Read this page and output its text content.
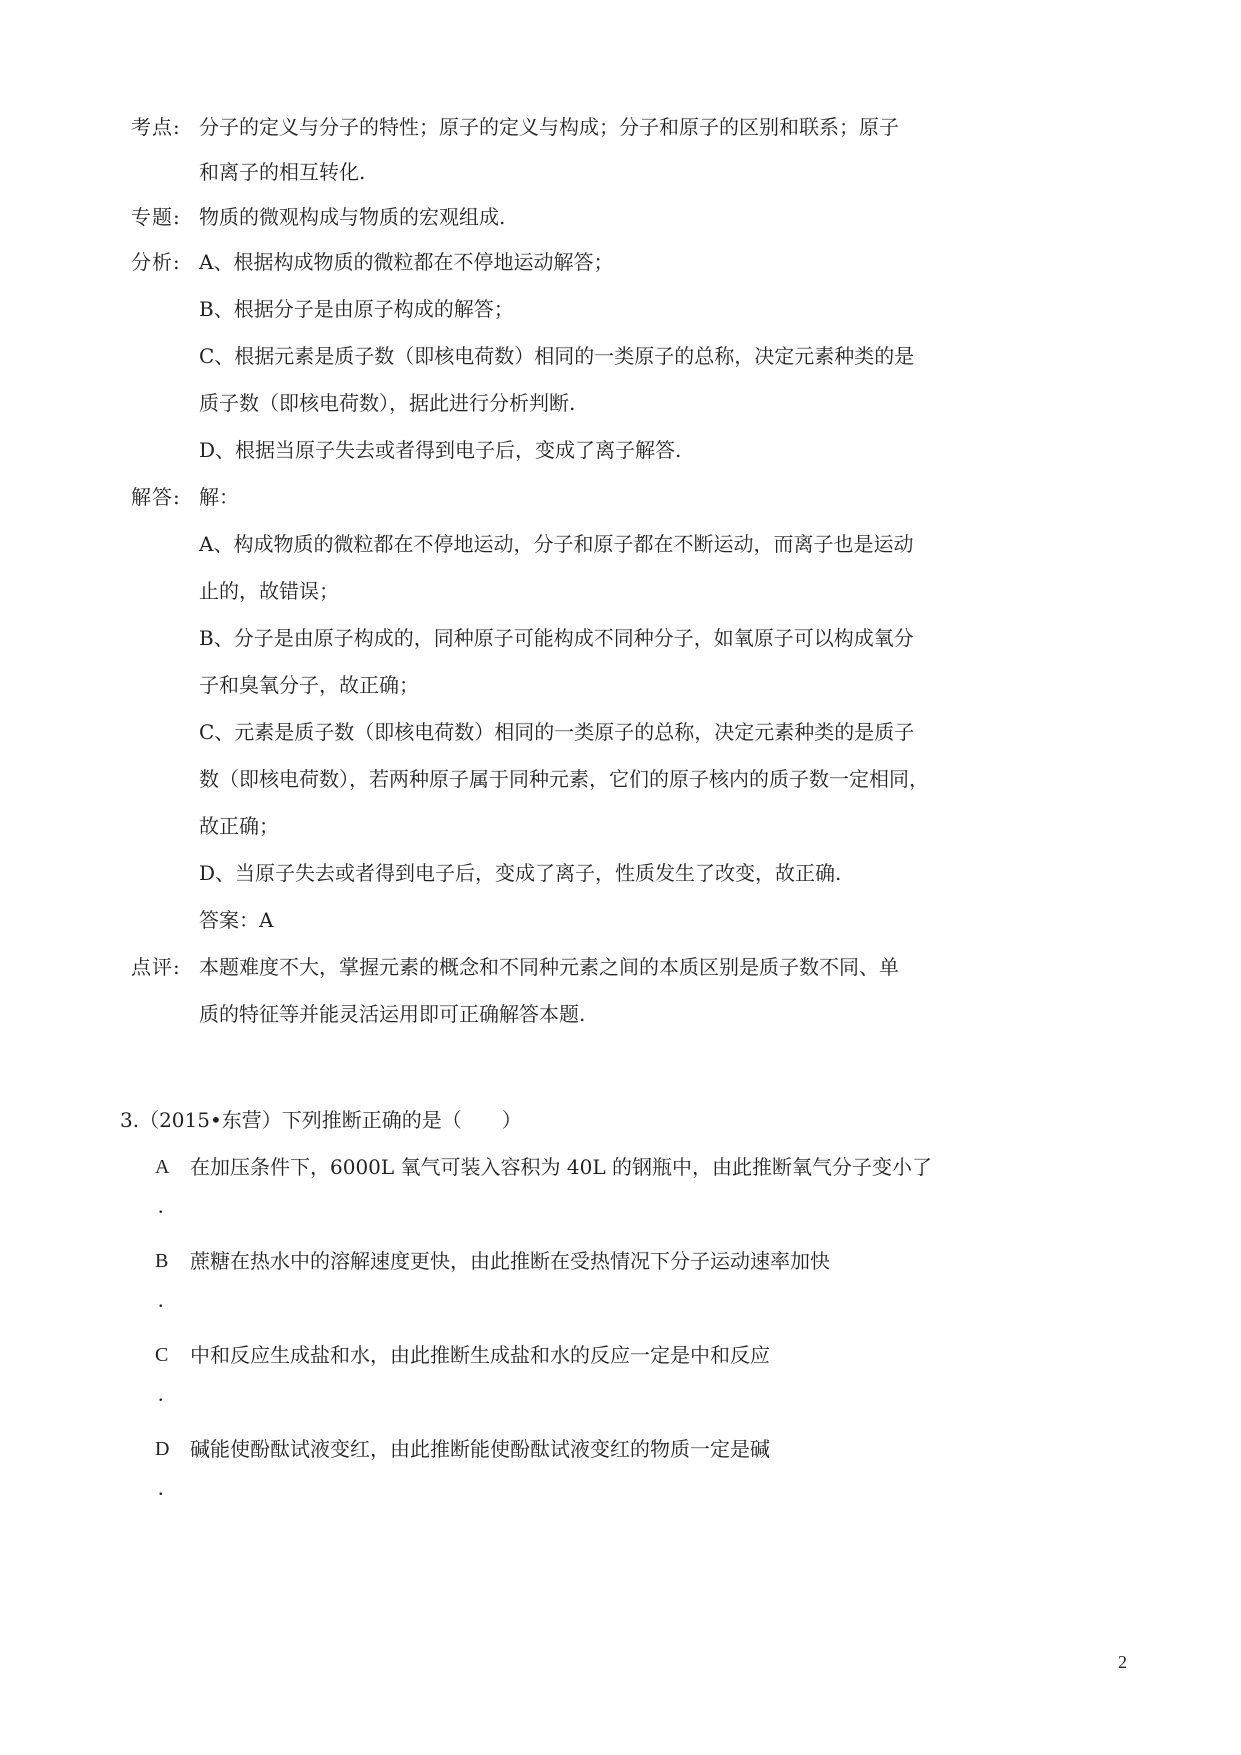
考点: 分子的定义与分子的特性；原子的定义与构成；分子和原子的区别和联系；原子
和离子的相互转化.
专题: 物质的微观构成与物质的宏观组成.
分析: A、根据构成物质的微粒都在不停地运动解答；
B、根据分子是由原子构成的解答；
C、根据元素是质子数（即核电荷数）相同的一类原子的总称，决定元素种类的是
质子数（即核电荷数），据此进行分析判断.
D、根据当原子失去或者得到电子后，变成了离子解答.
解答: 解：
A、构成物质的微粒都在不停地运动，分子和原子都在不断运动，而离子也是运动
止的，故错误；
B、分子是由原子构成的，同种原子可能构成不同种分子，如氧原子可以构成氧分
子和臭氧分子，故正确；
C、元素是质子数（即核电荷数）相同的一类原子的总称，决定元素种类的是质子
数（即核电荷数），若两种原子属于同种元素，它们的原子核内的质子数一定相同，
故正确；
D、当原子失去或者得到电子后，变成了离子，性质发生了改变，故正确.
答案：A
点评: 本题难度不大，掌握元素的概念和不同种元素之间的本质区别是质子数不同、单
质的特征等并能灵活运用即可正确解答本题.
3.（2015•东营）下列推断正确的是（　　）
A 在加压条件下，6000L 氧气可装入容积为 40L 的钢瓶中，由此推断氧气分子变小了
.
B 蔗糖在热水中的溶解速度更快，由此推断在受热情况下分子运动速率加快
.
C 中和反应生成盐和水，由此推断生成盐和水的反应一定是中和反应
.
D 碱能使酚酞试液变红，由此推断能使酚酞试液变红的物质一定是碱
.
2
